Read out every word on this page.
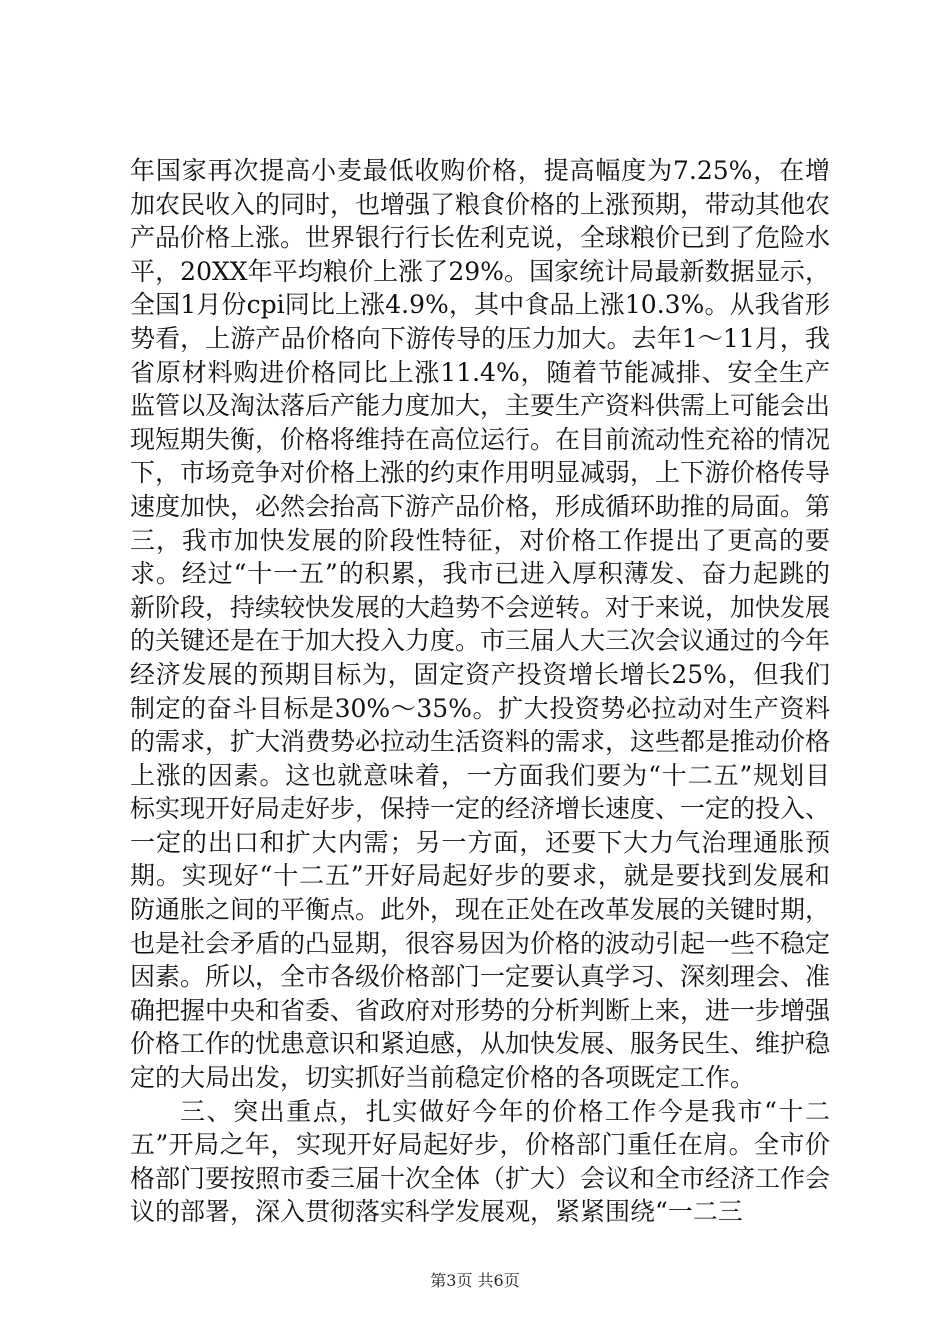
年国家再次提高小麦最低收购价格，提高幅度为7.25%，在增加农民收入的同时，也增强了粮食价格的上涨预期，带动其他农产品价格上涨。世界银行行长佐利克说，全球粮价已到了危险水平，20XX年平均粮价上涨了29%。国家统计局最新数据显示，全国1月份cpi同比上涨4.9%，其中食品上涨10.3%。从我省形势看，上游产品价格向下游传导的压力加大。去年1～11月，我省原材料购进价格同比上涨11.4%，随着节能减排、安全生产监管以及淘汰落后产能力度加大，主要生产资料供需上可能会出现短期失衡，价格将维持在高位运行。在目前流动性充裕的情况下，市场竞争对价格上涨的约束作用明显减弱，上下游价格传导速度加快，必然会抬高下游产品价格，形成循环助推的局面。第三，我市加快发展的阶段性特征，对价格工作提出了更高的要求。经过“十一五”的积累，我市已进入厚积薄发、奋力起跳的新阶段，持续较快发展的大趋势不会逆转。对于来说，加快发展的关键还是在于加大投入力度。市三届人大三次会议通过的今年经济发展的预期目标为，固定资产投资增长增长25%，但我们制定的奋斗目标是30%～35%。扩大投资势必拉动对生产资料的需求，扩大消费势必拉动生活资料的需求，这些都是推动价格上涨的因素。这也就意味着，一方面我们要为“十二五”规划目标实现开好局走好步，保持一定的经济增长速度、一定的投入、一定的出口和扩大内需；另一方面，还要下大力气治理通胀预期。实现好“十二五”开好局起好步的要求，就是要找到发展和防通胀之间的平衡点。此外，现在正处在改革发展的关键时期，也是社会矛盾的凸显期，很容易因为价格的波动引起一些不稳定因素。所以，全市各级价格部门一定要认真学习、深刻理会、准确把握中央和省委、省政府对形势的分析判断上来，进一步增强价格工作的忧患意识和紧迫感，从加快发展、服务民生、维护稳定的大局出发，切实抓好当前稳定价格的各项既定工作。

三、突出重点，扎实做好今年的价格工作今是我市“十二五”开局之年，实现开好局起好步，价格部门重任在肩。全市价格部门要按照市委三届十次全体（扩大）会议和全市经济工作会议的部署，深入贯彻落实科学发展观，紧紧围绕“一二三

第3页 共6页
